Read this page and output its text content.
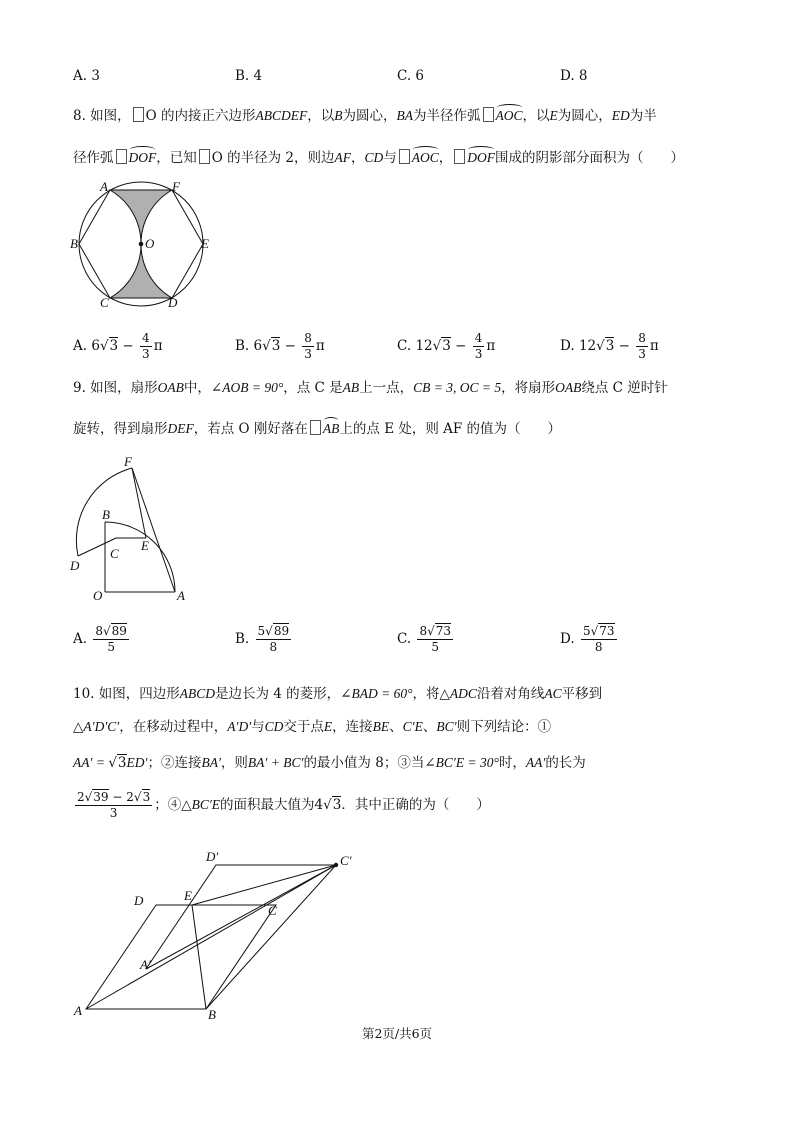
A. 3	B. 4	C. 6	D. 8
8. 如图， O 的内接正六边形ABCDEF，以B为圆心，BA为半径作弧 AOC，以E为圆心，ED为半
径作弧 DOF，已知 O 的半径为 2，则边AF，CD与 AOC， DOF围成的阴影部分面积为（　　）
A	F
B	O	E
C	D
A. $6√3 - \frac{4}{3}$ π	B. $6√3 - \frac{8}{3}$ π	C. $12√3 - \frac{4}{3}$ π	D. $12√3 - \frac{8}{3}$ π
9. 如图，扇形OAB中，∠AOB = 90°，点 C 是AB上一点，CB = 3, OC = 5，将扇形OAB绕点 C 逆时针
旋转，得到扇形DEF，若点 O 刚好落在 AB上的点 E 处，则 AF 的值为（　　）
F
B
E
C
D
O	A
A. $\frac{8√89}{5}$	B. $\frac{5√89}{8}$	C. $\frac{8√73}{5}$	D. $\frac{5√73}{8}$
10. 如图，四边形ABCD是边长为 4 的菱形，∠BAD = 60°，将△ADC沿着对角线AC平移到
△A′D′C′，在移动过程中，A′D′与CD交于点E，连接BE、C′E、BC′则下列结论：①
AA′ = √3ED′；②连接BA′，则BA′ + BC′的最小值为 8；③当∠BC′E = 30°时，AA′的长为
$\frac{2√39 - 2√3}{3}$ ；④△BC′E的面积最大值为4√3．其中正确的为（　　）
D′	C′
D	E
C
A′
A	B
第2页/共6页
